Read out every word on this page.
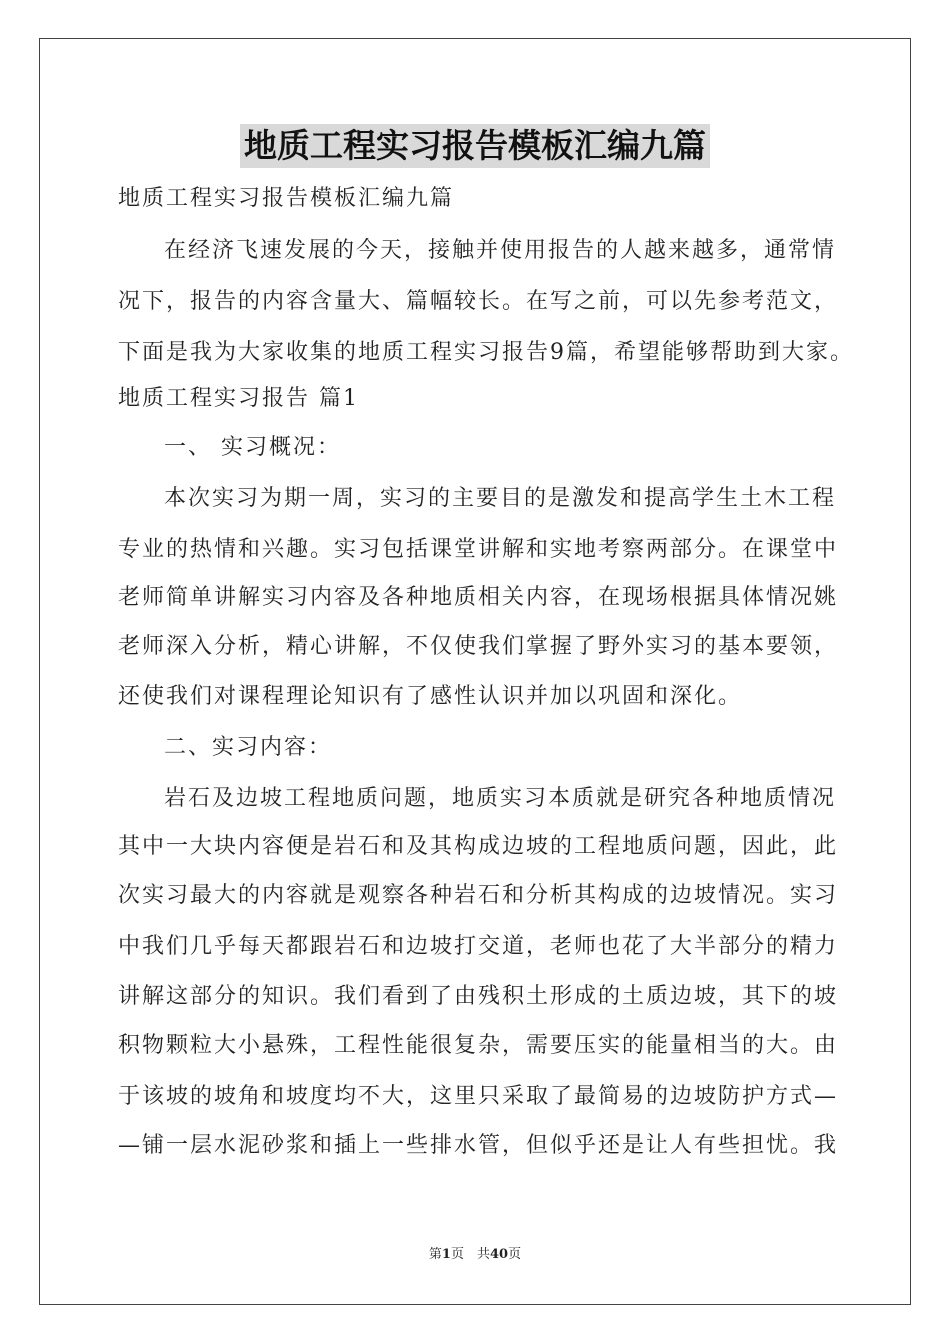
地质工程实习报告模板汇编九篇
地质工程实习报告模板汇编九篇
在经济飞速发展的今天，接触并使用报告的人越来越多，通常情
况下，报告的内容含量大、篇幅较长。在写之前，可以先参考范文，
下面是我为大家收集的地质工程实习报告9篇，希望能够帮助到大家。
地质工程实习报告 篇1
一、 实习概况：
本次实习为期一周，实习的主要目的是激发和提高学生土木工程
专业的热情和兴趣。实习包括课堂讲解和实地考察两部分。在课堂中
老师简单讲解实习内容及各种地质相关内容，在现场根据具体情况姚
老师深入分析，精心讲解，不仅使我们掌握了野外实习的基本要领，
还使我们对课程理论知识有了感性认识并加以巩固和深化。
二、实习内容：
岩石及边坡工程地质问题，地质实习本质就是研究各种地质情况
其中一大块内容便是岩石和及其构成边坡的工程地质问题，因此，此
次实习最大的内容就是观察各种岩石和分析其构成的边坡情况。实习
中我们几乎每天都跟岩石和边坡打交道，老师也花了大半部分的精力
讲解这部分的知识。我们看到了由残积土形成的土质边坡，其下的坡
积物颗粒大小悬殊，工程性能很复杂，需要压实的能量相当的大。由
于该坡的坡角和坡度均不大，这里只采取了最简易的边坡防护方式—
—铺一层水泥砂浆和插上一些排水管，但似乎还是让人有些担忧。我
第1页　共40页
